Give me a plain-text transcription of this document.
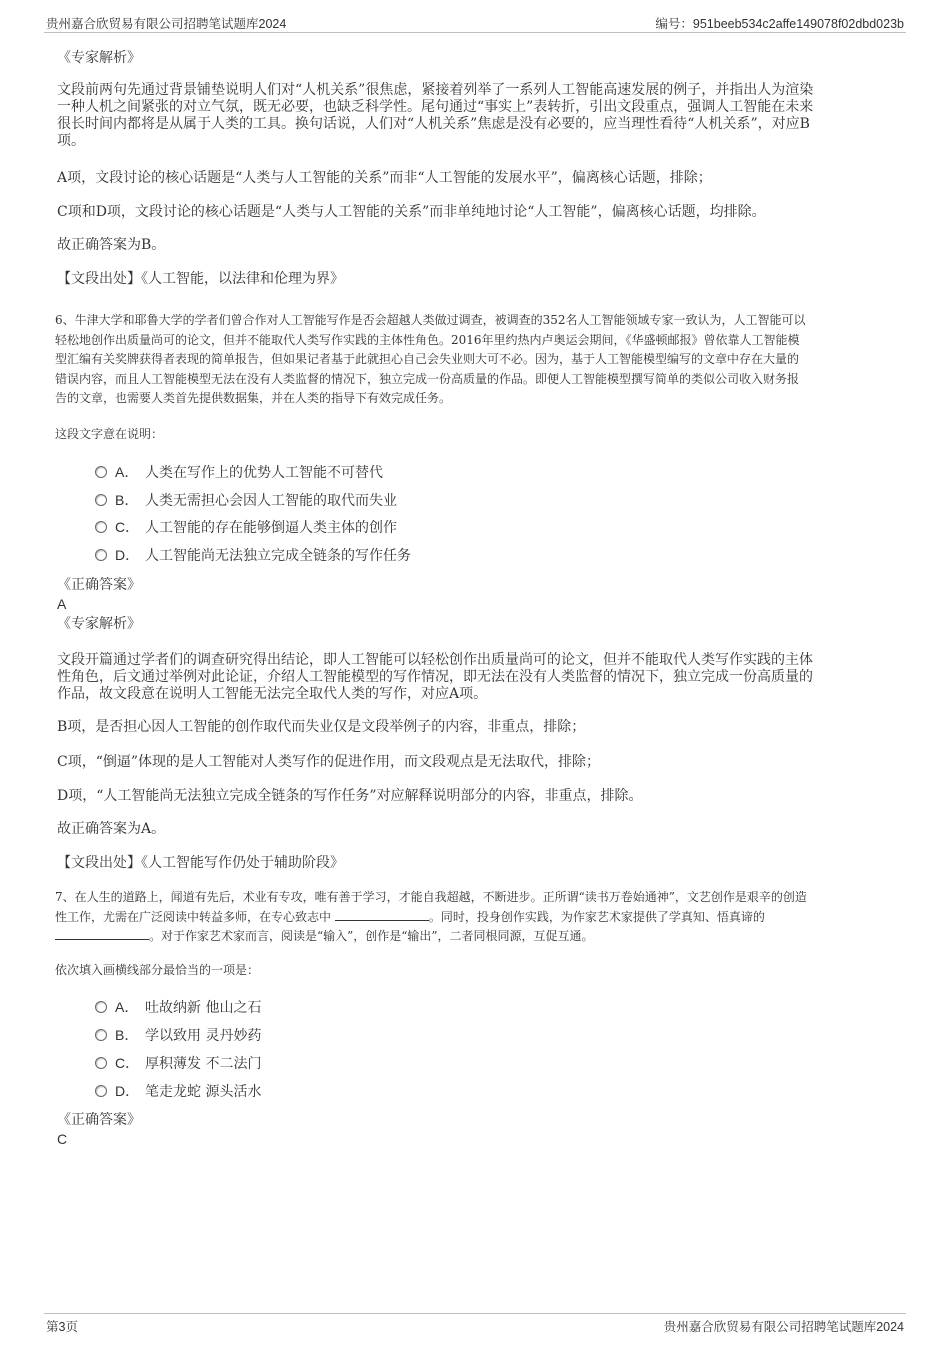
贵州嘉合欣贸易有限公司招聘笔试题库2024	编号：951beeb534c2affe149078f02dbd023b
《专家解析》
文段前两句先通过背景铺垫说明人们对“人机关系”很焦虑，紧接着列举了一系列人工智能高速发展的例子，并指出人为渲染
一种人机之间紧张的对立气氛，既无必要，也缺乏科学性。尾句通过“事实上”表转折，引出文段重点，强调人工智能在未来
很长时间内都将是从属于人类的工具。换句话说，人们对“人机关系”焦虑是没有必要的，应当理性看待“人机关系”，对应B
项。
A项，文段讨论的核心话题是“人类与人工智能的关系”而非“人工智能的发展水平”，偏离核心话题，排除；
C项和D项，文段讨论的核心话题是“人类与人工智能的关系”而非单纯地讨论“人工智能”，偏离核心话题，均排除。
故正确答案为B。
【文段出处】《人工智能，以法律和伦理为界》
6、牛津大学和耶鲁大学的学者们曾合作对人工智能写作是否会超越人类做过调查，被调查的352名人工智能领域专家一致认为，人工智能可以
轻松地创作出质量尚可的论文，但并不能取代人类写作实践的主体性角色。2016年里约热内卢奥运会期间，《华盛顿邮报》曾依靠人工智能模
型汇编有关奖牌获得者表现的简单报告，但如果记者基于此就担心自己会失业则大可不必。因为，基于人工智能模型编写的文章中存在大量的
错误内容，而且人工智能模型无法在没有人类监督的情况下，独立完成一份高质量的作品。即便人工智能模型撰写简单的类似公司收入财务报
告的文章，也需要人类首先提供数据集，并在人类的指导下有效完成任务。
这段文字意在说明：
A． 人类在写作上的优势人工智能不可替代
B． 人类无需担心会因人工智能的取代而失业
C． 人工智能的存在能够倒逼人类主体的创作
D． 人工智能尚无法独立完成全链条的写作任务
《正确答案》
A
《专家解析》
文段开篇通过学者们的调查研究得出结论，即人工智能可以轻松创作出质量尚可的论文，但并不能取代人类写作实践的主体
性角色，后文通过举例对此论证，介绍人工智能模型的写作情况，即无法在没有人类监督的情况下，独立完成一份高质量的
作品，故文段意在说明人工智能无法完全取代人类的写作，对应A项。
B项，是否担心因人工智能的创作取代而失业仅是文段举例子的内容，非重点，排除；
C项，“倒逼”体现的是人工智能对人类写作的促进作用，而文段观点是无法取代，排除；
D项，“人工智能尚无法独立完成全链条的写作任务”对应解释说明部分的内容，非重点，排除。
故正确答案为A。
【文段出处】《人工智能写作仍处于辅助阶段》
7、在人生的道路上，闻道有先后，术业有专攻，唯有善于学习，才能自我超越，不断进步。正所谓“读书万卷始通神”，文艺创作是艰辛的创造
性工作，尤需在广泛阅读中转益多师，在专心致志中	。同时，投身创作实践，为作家艺术家提供了学真知、悟真谛的
。对于作家艺术家而言，阅读是“输入”，创作是“输出”，二者同根同源，互促互通。
依次填入画横线部分最恰当的一项是：
A． 吐故纳新 他山之石
B． 学以致用 灵丹妙药
C． 厚积薄发 不二法门
D． 笔走龙蛇 源头活水
《正确答案》
C
第3页	贵州嘉合欣贸易有限公司招聘笔试题库2024
